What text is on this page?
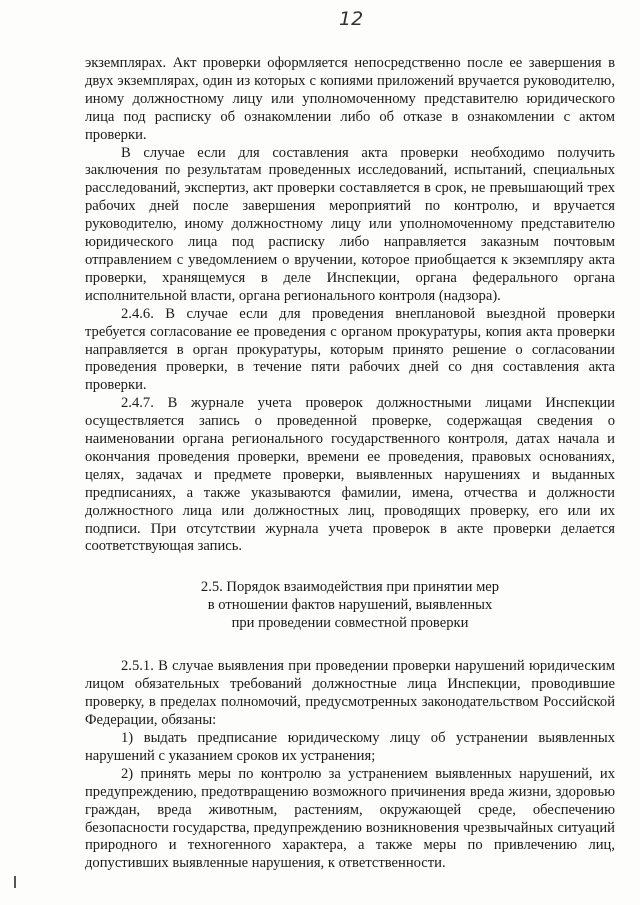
12

экземплярах. Акт проверки оформляется непосредственно после ее завершения в двух экземплярах, один из которых с копиями приложений вручается руководителю, иному должностному лицу или уполномоченному представителю юридического лица под расписку об ознакомлении либо об отказе в ознакомлении с актом проверки.

В случае если для составления акта проверки необходимо получить заключения по результатам проведенных исследований, испытаний, специальных расследований, экспертиз, акт проверки составляется в срок, не превышающий трех рабочих дней после завершения мероприятий по контролю, и вручается руководителю, иному должностному лицу или уполномоченному представителю юридического лица под расписку либо направляется заказным почтовым отправлением с уведомлением о вручении, которое приобщается к экземпляру акта проверки, хранящемуся в деле Инспекции, органа федерального органа исполнительной власти, органа регионального контроля (надзора).

2.4.6. В случае если для проведения внеплановой выездной проверки требуется согласование ее проведения с органом прокуратуры, копия акта проверки направляется в орган прокуратуры, которым принято решение о согласовании проведения проверки, в течение пяти рабочих дней со дня составления акта проверки.

2.4.7. В журнале учета проверок должностными лицами Инспекции осуществляется запись о проведенной проверке, содержащая сведения о наименовании органа регионального государственного контроля, датах начала и окончания проведения проверки, времени ее проведения, правовых основаниях, целях, задачах и предмете проверки, выявленных нарушениях и выданных предписаниях, а также указываются фамилии, имена, отчества и должности должностного лица или должностных лиц, проводящих проверку, его или их подписи. При отсутствии журнала учета проверок в акте проверки делается соответствующая запись.

2.5. Порядок взаимодействия при принятии мер
в отношении фактов нарушений, выявленных
при проведении совместной проверки

2.5.1. В случае выявления при проведении проверки нарушений юридическим лицом обязательных требований должностные лица Инспекции, проводившие проверку, в пределах полномочий, предусмотренных законодательством Российской Федерации, обязаны:

1) выдать предписание юридическому лицу об устранении выявленных нарушений с указанием сроков их устранения;

2) принять меры по контролю за устранением выявленных нарушений, их предупреждению, предотвращению возможного причинения вреда жизни, здоровью граждан, вреда животным, растениям, окружающей среде, обеспечению безопасности государства, предупреждению возникновения чрезвычайных ситуаций природного и техногенного характера, а также меры по привлечению лиц, допустивших выявленные нарушения, к ответственности.
